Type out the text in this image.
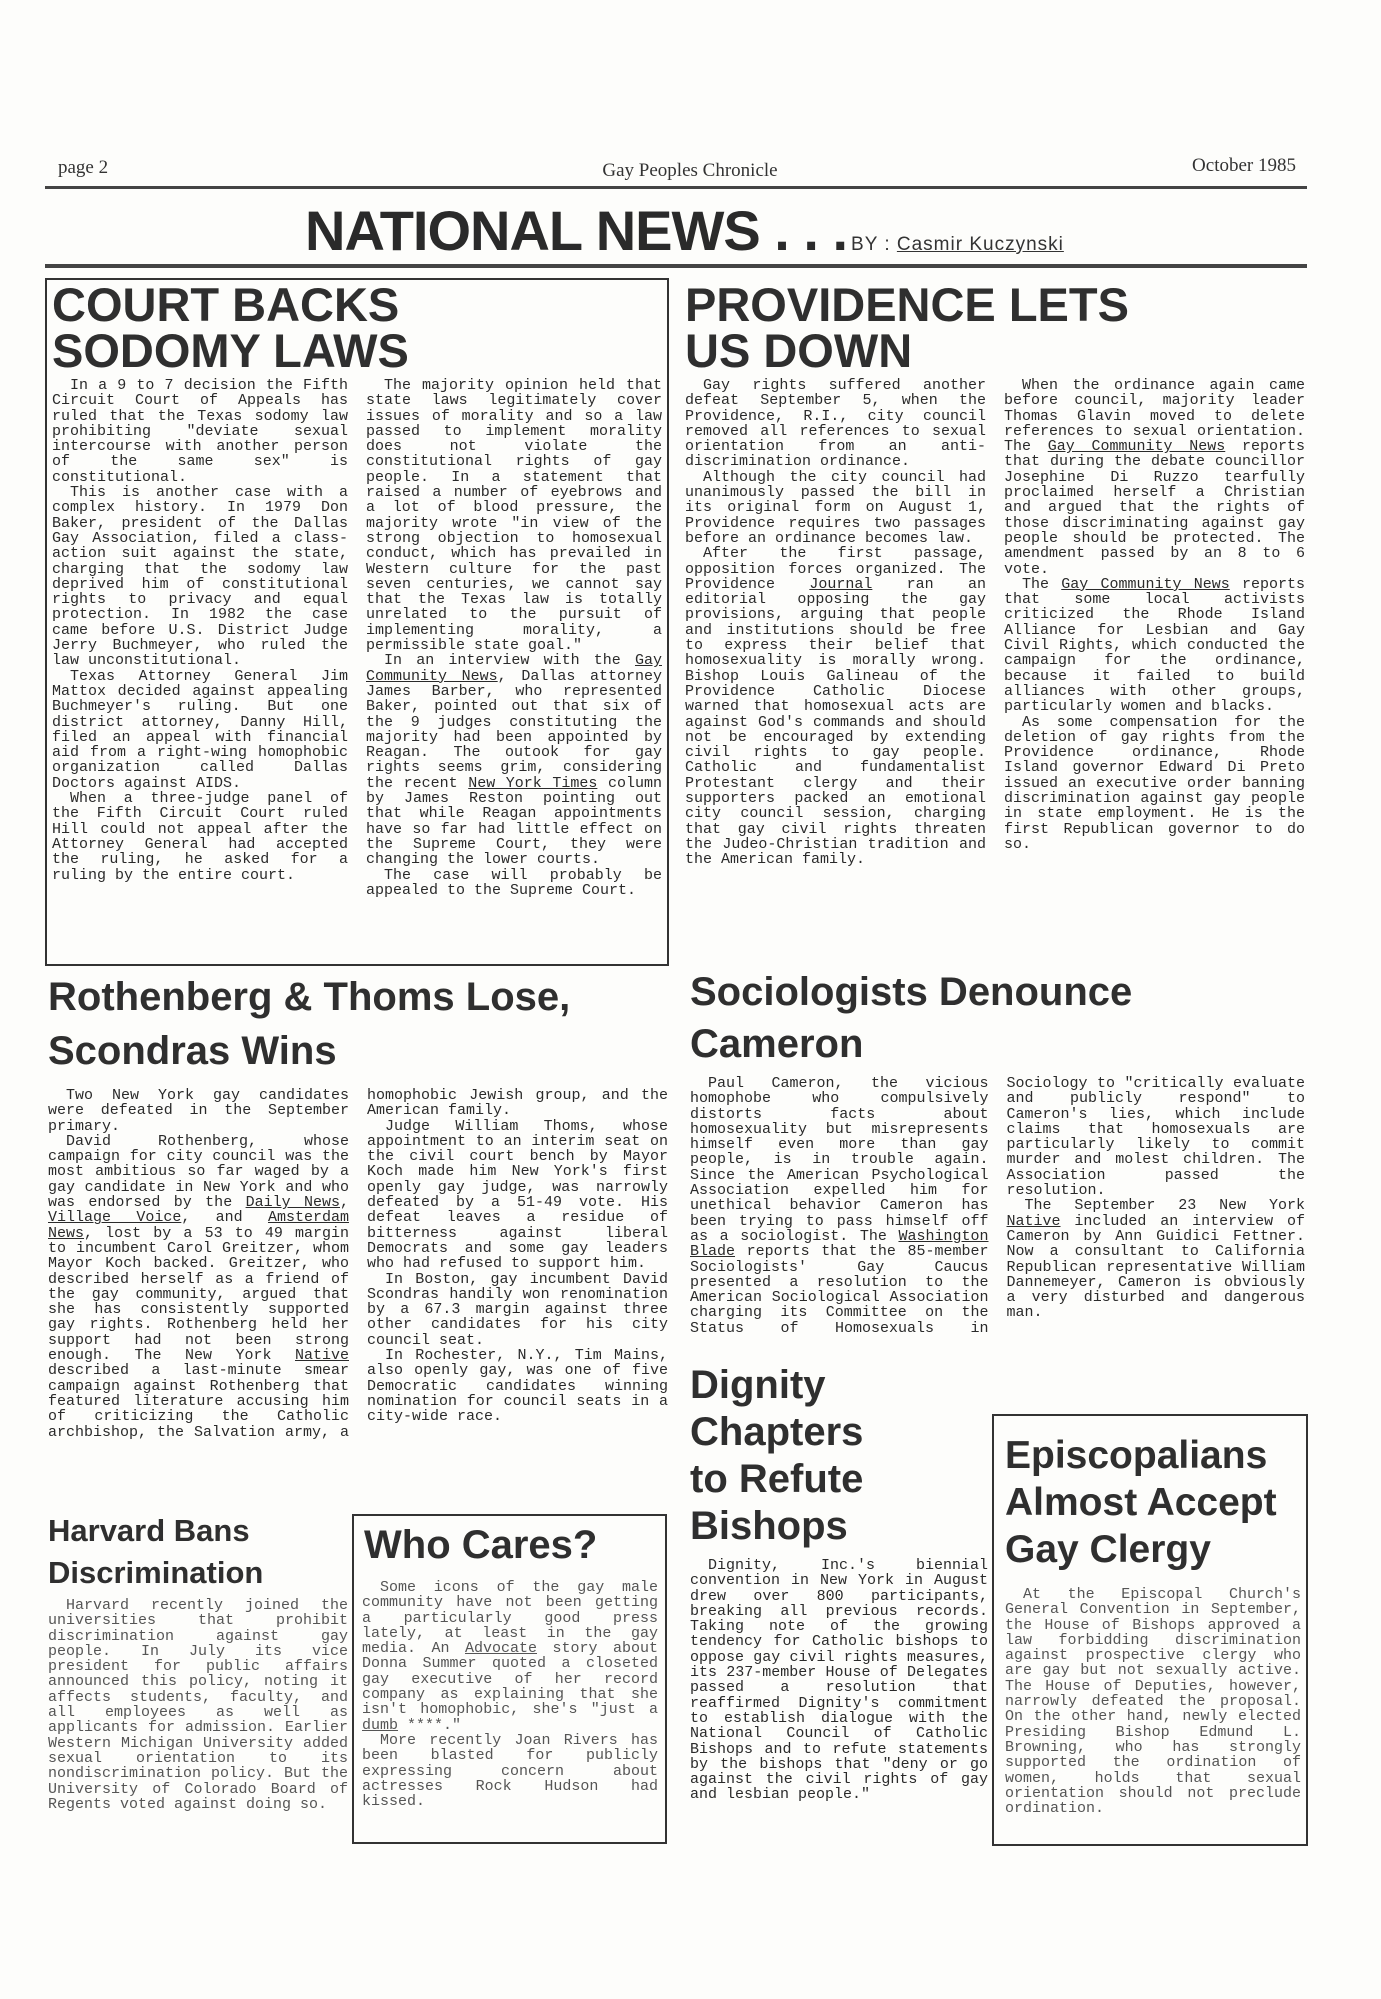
page 2	Gay Peoples Chronicle	October 1985
NATIONAL NEWS . . . BY : Casmir Kuczynski
COURT BACKS
SODOMY LAWS

In a 9 to 7 decision the Fifth Circuit Court of Appeals has ruled that the Texas sodomy law prohibiting "deviate sexual intercourse with another person of the same sex" is constitutional.

This is another case with a complex history. In 1979 Don Baker, president of the Dallas Gay Association, filed a class-action suit against the state, charging that the sodomy law deprived him of constitutional rights to privacy and equal protection. In 1982 the case came before U.S. District Judge Jerry Buchmeyer, who ruled the law unconstitutional.

Texas Attorney General Jim Mattox decided against appealing Buchmeyer's ruling. But one district attorney, Danny Hill, filed an appeal with financial aid from a right-wing homophobic organization called Dallas Doctors against AIDS.

When a three-judge panel of the Fifth Circuit Court ruled Hill could not appeal after the Attorney General had accepted the ruling, he asked for a ruling by the entire court.

The majority opinion held that state laws legitimately cover issues of morality and so a law passed to implement morality does not violate the constitutional rights of gay people. In a statement that raised a number of eyebrows and a lot of blood pressure, the majority wrote "in view of the strong objection to homosexual conduct, which has prevailed in Western culture for the past seven centuries, we cannot say that the Texas law is totally unrelated to the pursuit of implementing morality, a permissible state goal."

In an interview with the Gay Community News, Dallas attorney James Barber, who represented Baker, pointed out that six of the 9 judges constituting the majority had been appointed by Reagan. The outook for gay rights seems grim, considering the recent New York Times column by James Reston pointing out that while Reagan appointments have so far had little effect on the Supreme Court, they were changing the lower courts.

The case will probably be appealed to the Supreme Court.

PROVIDENCE LETS
US DOWN

Gay rights suffered another defeat September 5, when the Providence, R.I., city council removed all references to sexual orientation from an anti-discrimination ordinance.

Although the city council had unanimously passed the bill in its original form on August 1, Providence requires two passages before an ordinance becomes law.

After the first passage, opposition forces organized. The Providence Journal ran an editorial opposing the gay provisions, arguing that people and institutions should be free to express their belief that homosexuality is morally wrong. Bishop Louis Galineau of the Providence Catholic Diocese warned that homosexual acts are against God's commands and should not be encouraged by extending civil rights to gay people. Catholic and fundamentalist Protestant clergy and their supporters packed an emotional city council session, charging that gay civil rights threaten the Judeo-Christian tradition and the American family.

When the ordinance again came before council, majority leader Thomas Glavin moved to delete references to sexual orientation. The Gay Community News reports that during the debate councillor Josephine Di Ruzzo tearfully proclaimed herself a Christian and argued that the rights of those discriminating against gay people should be protected. The amendment passed by an 8 to 6 vote.

The Gay Community News reports that some local activists criticized the Rhode Island Alliance for Lesbian and Gay Civil Rights, which conducted the campaign for the ordinance, because it failed to build alliances with other groups, particularly women and blacks.

As some compensation for the deletion of gay rights from the Providence ordinance, Rhode Island governor Edward Di Preto issued an executive order banning discrimination against gay people in state employment. He is the first Republican governor to do so.

Rothenberg & Thoms Lose,
Scondras Wins

Two New York gay candidates were defeated in the September primary.

David Rothenberg, whose campaign for city council was the most ambitious so far waged by a gay candidate in New York and who was endorsed by the Daily News, Village Voice, and Amsterdam News, lost by a 53 to 49 margin to incumbent Carol Greitzer, whom Mayor Koch backed. Greitzer, who described herself as a friend of the gay community, argued that she has consistently supported gay rights. Rothenberg held her support had not been strong enough. The New York Native described a last-minute smear campaign against Rothenberg that featured literature accusing him of criticizing the Catholic archbishop, the Salvation army, a homophobic Jewish group, and the American family.

Judge William Thoms, whose appointment to an interim seat on the civil court bench by Mayor Koch made him New York's first openly gay judge, was narrowly defeated by a 51-49 vote. His defeat leaves a residue of bitterness against liberal Democrats and some gay leaders who had refused to support him.

In Boston, gay incumbent David Scondras handily won renomination by a 67.3 margin against three other candidates for his city council seat.

In Rochester, N.Y., Tim Mains, also openly gay, was one of five Democratic candidates winning nomination for council seats in a city-wide race.

Harvard Bans
Discrimination

Harvard recently joined the universities that prohibit discrimination against gay people. In July its vice president for public affairs announced this policy, noting it affects students, faculty, and all employees as well as applicants for admission. Earlier Western Michigan University added sexual orientation to its nondiscrimination policy. But the University of Colorado Board of Regents voted against doing so.

Who Cares?

Some icons of the gay male community have not been getting a particularly good press lately, at least in the gay media. An Advocate story about Donna Summer quoted a closeted gay executive of her record company as explaining that she isn't homophobic, she's "just a dumb ****."

More recently Joan Rivers has been blasted for publicly expressing concern about actresses Rock Hudson had kissed.

Sociologists Denounce
Cameron

Paul Cameron, the vicious homophobe who compulsively distorts facts about homosexuality but misrepresents himself even more than gay people, is in trouble again. Since the American Psychological Association expelled him for unethical behavior Cameron has been trying to pass himself off as a sociologist. The Washington Blade reports that the 85-member Sociologists' Gay Caucus presented a resolution to the American Sociological Association charging its Committee on the Status of Homosexuals in Sociology to "critically evaluate and publicly respond" to Cameron's lies, which include claims that homosexuals are particularly likely to commit murder and molest children. The Association passed the resolution.

The September 23 New York Native included an interview of Cameron by Ann Guidici Fettner. Now a consultant to California Republican representative William Dannemeyer, Cameron is obviously a very disturbed and dangerous man.

Dignity
Chapters
to Refute
Bishops

Dignity, Inc.'s biennial convention in New York in August drew over 800 participants, breaking all previous records. Taking note of the growing tendency for Catholic bishops to oppose gay civil rights measures, its 237-member House of Delegates passed a resolution that reaffirmed Dignity's commitment to establish dialogue with the National Council of Catholic Bishops and to refute statements by the bishops that "deny or go against the civil rights of gay and lesbian people."

Episcopalians
Almost Accept
Gay Clergy

At the Episcopal Church's General Convention in September, the House of Bishops approved a law forbidding discrimination against prospective clergy who are gay but not sexually active. The House of Deputies, however, narrowly defeated the proposal. On the other hand, newly elected Presiding Bishop Edmund L. Browning, who has strongly supported the ordination of women, holds that sexual orientation should not preclude ordination.
